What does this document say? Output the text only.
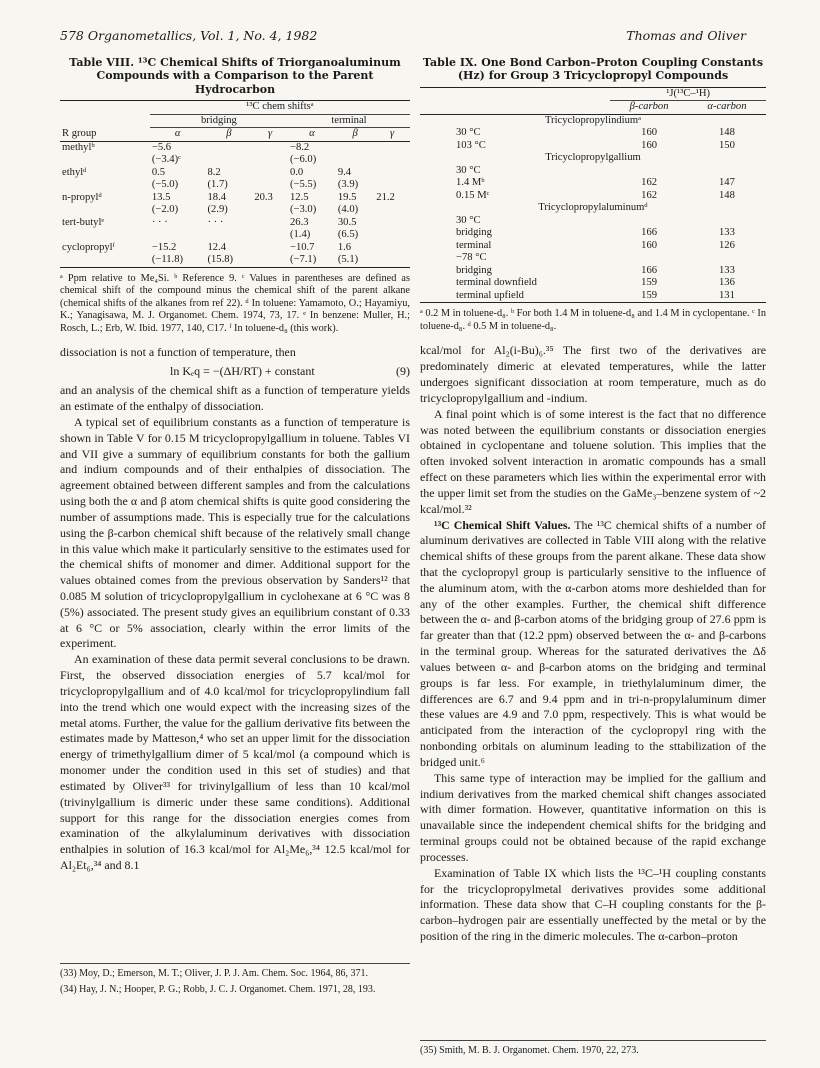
578 Organometallics, Vol. 1, No. 4, 1982	Thomas and Oliver
Table VIII. ¹³C Chemical Shifts of Triorganoaluminum Compounds with a Comparison to the Parent Hydrocarbon
	¹³C chem shiftsᵃ					
	bridging			terminal		
R group	α	β	γ	α	β	γ
methylᵇ	−5.6			−8.2		
	(−3.4)ᶜ			(−6.0)		
ethylᵈ	0.5	8.2		0.0	9.4	
	(−5.0)	(1.7)		(−5.5)	(3.9)	
n-propylᵈ	13.5	18.4	20.3	12.5	19.5	21.2
	(−2.0)	(2.9)		(−3.0)	(4.0)	
tert-butylᵉ	· · ·	· · ·		26.3	30.5	
				(1.4)	(6.5)	
cyclopropylᶠ	−15.2	12.4		−10.7	1.6	
	(−11.8)	(15.8)		(−7.1)	(5.1)	
ᵃ Ppm relative to Me₄Si. ᵇ Reference 9. ᶜ Values in parentheses are defined as chemical shift of the compound minus the chemical shift of the parent alkane (chemical shifts of the alkanes from ref 22). ᵈ In toluene: Yamamoto, O.; Hayamiyu, K.; Yanagisawa, M. J. Organomet. Chem. 1974, 73, 17. ᵉ In benzene: Muller, H.; Rosch, L.; Erb, W. Ibid. 1977, 140, C17. ᶠ In toluene-d₈ (this work).

dissociation is not a function of temperature, then

ln Kₑq = −(ΔH/RT) + constant	(9)

and an analysis of the chemical shift as a function of temperature yields an estimate of the enthalpy of dissociation.

A typical set of equilibrium constants as a function of temperature is shown in Table V for 0.15 M tricyclopropylgallium in toluene. Tables VI and VII give a summary of equilibrium constants for both the gallium and indium compounds and of their enthalpies of dissociation. The agreement obtained between different samples and from the calculations using both the α and β atom chemical shifts is quite good considering the number of assumptions made. This is especially true for the calculations using the β-carbon chemical shift because of the relatively small change in this value which make it particularly sensitive to the estimates used for the chemical shifts of monomer and dimer. Additional support for the values obtained comes from the previous observation by Sanders¹² that 0.085 M solution of tricyclopropylgallium in cyclohexane at 6 °C was 8 (5%) associated. The present study gives an equilibrium constant of 0.33 at 6 °C or 5% association, clearly within the error limits of the experiment.

An examination of these data permit several conclusions to be drawn. First, the observed dissociation energies of 5.7 kcal/mol for tricyclopropylgallium and of 4.0 kcal/mol for tricyclopropylindium fall into the trend which one would expect with the increasing sizes of the metal atoms. Further, the value for the gallium derivative fits between the estimates made by Matteson,⁴ who set an upper limit for the dissociation energy of trimethylgallium dimer of 5 kcal/mol (a compound which is monomer under the condition used in this set of studies) and that estimated by Oliver³³ for trivinylgallium of less than 10 kcal/mol (trivinylgallium is dimeric under these same conditions). Additional support for this range for the dissociation energies comes from examination of the alkylaluminum derivatives with dissociation enthalpies in solution of 16.3 kcal/mol for Al₂Me₆,³⁴ 12.5 kcal/mol for Al₂Et₆,³⁴ and 8.1

(33) Moy, D.; Emerson, M. T.; Oliver, J. P. J. Am. Chem. Soc. 1964, 86, 371.

(34) Hay, J. N.; Hooper, P. G.; Robb, J. C. J. Organomet. Chem. 1971, 28, 193.

Table IX. One Bond Carbon–Proton Coupling Constants (Hz) for Group 3 Tricyclopropyl Compounds
	¹J(¹³C–¹H)	
	β-carbon	α-carbon
Tricyclopropylindiumᵃ		
30 °C	160	148
103 °C	160	150
Tricyclopropylgallium		
30 °C		
1.4 Mᵇ	162	147
0.15 Mᶜ	162	148
Tricyclopropylaluminumᵈ		
30 °C		
bridging	166	133
terminal	160	126
−78 °C		
bridging	166	133
terminal downfield	159	136
terminal upfield	159	131
ᵃ 0.2 M in toluene-d₈. ᵇ For both 1.4 M in toluene-d₈ and 1.4 M in cyclopentane. ᶜ In toluene-d₈. ᵈ 0.5 M in toluene-d₈.

kcal/mol for Al₂(i-Bu)₆.³⁵ The first two of the derivatives are predominately dimeric at elevated temperatures, while the latter undergoes significant dissociation at room temperature, much as do tricyclopropylgallium and -indium.

A final point which is of some interest is the fact that no difference was noted between the equilibrium constants or dissociation energies obtained in cyclopentane and toluene solution. This implies that the often invoked solvent interaction in aromatic compounds has a small effect on these parameters which lies within the experimental error with the upper limit set from the studies on the GaMe₃–benzene system of ~2 kcal/mol.³²

¹³C Chemical Shift Values. The ¹³C chemical shifts of a number of aluminum derivatives are collected in Table VIII along with the relative chemical shifts of these groups from the parent alkane. These data show that the cyclopropyl group is particularly sensitive to the influence of the aluminum atom, with the α-carbon atoms more deshielded than for any of the other examples. Further, the chemical shift difference between the α- and β-carbon atoms of the bridging group of 27.6 ppm is far greater than that (12.2 ppm) observed between the α- and β-carbons in the terminal group. Whereas for the saturated derivatives the Δδ values between α- and β-carbon atoms on the bridging and terminal groups is far less. For example, in triethylaluminum dimer, the differences are 6.7 and 9.4 ppm and in tri-n-propylaluminum dimer these values are 4.9 and 7.0 ppm, respectively. This is what would be anticipated from the interaction of the cyclopropyl ring with the nonbonding orbitals on aluminum leading to the sttabilization of the bridged unit.⁶

This same type of interaction may be implied for the gallium and indium derivatives from the marked chemical shift changes associated with dimer formation. However, quantitative information on this is unavailable since the independent chemical shifts for the bridging and terminal groups could not be obtained because of the rapid exchange processes.

Examination of Table IX which lists the ¹³C–¹H coupling constants for the tricyclopropylmetal derivatives provides some additional information. These data show that C–H coupling constants for the β-carbon–hydrogen pair are essentially uneffected by the metal or by the position of the ring in the dimeric molecules. The α-carbon–proton

(35) Smith, M. B. J. Organomet. Chem. 1970, 22, 273.
